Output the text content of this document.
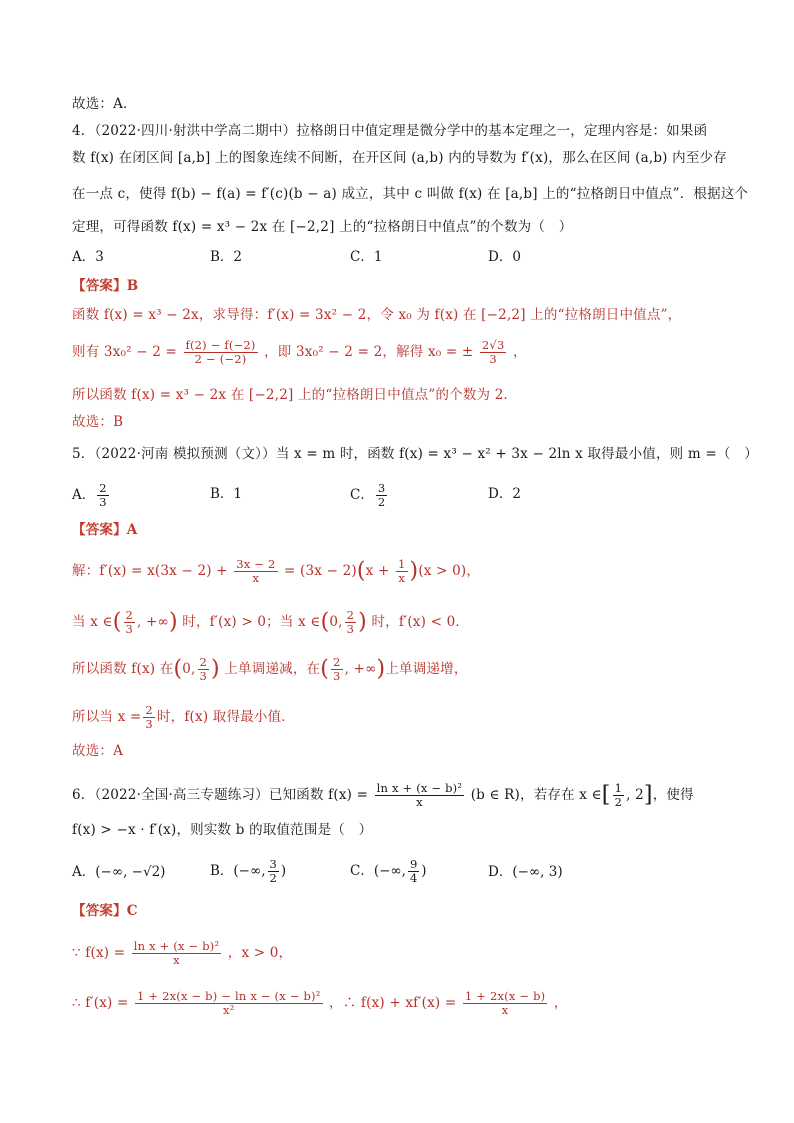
故选：A．
4．（2022·四川·射洪中学高二期中）拉格朗日中值定理是微分学中的基本定理之一，定理内容是：如果函
数 f(x) 在闭区间 [a,b] 上的图象连续不间断，在开区间 (a,b) 内的导数为 f′(x)，那么在区间 (a,b) 内至少存
在一点 c，使得 f(b) − f(a) = f′(c)(b − a) 成立，其中 c 叫做 f(x) 在 [a,b] 上的“拉格朗日中值点”．根据这个
定理，可得函数 f(x) = x³ − 2x 在 [−2,2] 上的“拉格朗日中值点”的个数为（　）
A．3	B．2	C．1	D．0
【答案】B
函数 f(x) = x³ − 2x，求导得：f′(x) = 3x² − 2，令 x₀ 为 f(x) 在 [−2,2] 上的“拉格朗日中值点”，
则有 $3x_0^2 - 2 = \frac{f(2) - f(-2)}{2 - (-2)}$ ，即 3x₀² − 2 = 2，解得 x₀ = ± $\frac{2√3}{3}$ ，
所以函数 f(x) = x³ − 2x 在 [−2,2] 上的“拉格朗日中值点”的个数为 2．
故选：B
5．（2022·河南 模拟预测（文））当 x = m 时，函数 f(x) = x³ − x² + 3x − 2ln x 取得最小值，则 m =（　）
A． $\frac{2}{3}$	B．1	C． $\frac{3}{2}$	D．2
【答案】A
解：$f'(x) = x(3x - 2) + \frac{3x - 2}{x} = (3x - 2)(x + \frac{1}{x} )(x > 0)$，
当 x ∈( $\frac{2}{3}$ , +∞) 时，f′(x) > 0；当 x ∈(0, $\frac{2}{3}$ ) 时，f′(x) < 0．
所以函数 f(x) 在(0, $\frac{2}{3}$ ) 上单调递减，在( $\frac{2}{3}$ , +∞)上单调递增，
所以当 $x = \frac{2}{3}$ 时，f(x) 取得最小值．
故选：A
6．（2022·全国·高三专题练习）已知函数 $f(x) = \frac{\text{ln x + (x − b)²}}{x} (b$ ∈ R)，若存在 x ∈[ $\frac{1}{2}$ , 2]，使得
f(x) > −x · f′(x)，则实数 b 的取值范围是（　）
A．(−∞, −√2)	B．(−∞, $\frac{3}{2}$ )	C．(−∞, $\frac{9}{4}$ )	D．(−∞, 3)
【答案】C
∵ $f(x) = \frac{\text{ln x + (x − b)²}}{x}$ ，x > 0，
∴ $f'(x) = \frac{\text{1 + 2x(x − b) − ln x − (x − b)²}}{\text{x²}}$ ，∴ $f(x) + xf'(x) = \frac{1 + 2x(x - b)}{x}$ ，
